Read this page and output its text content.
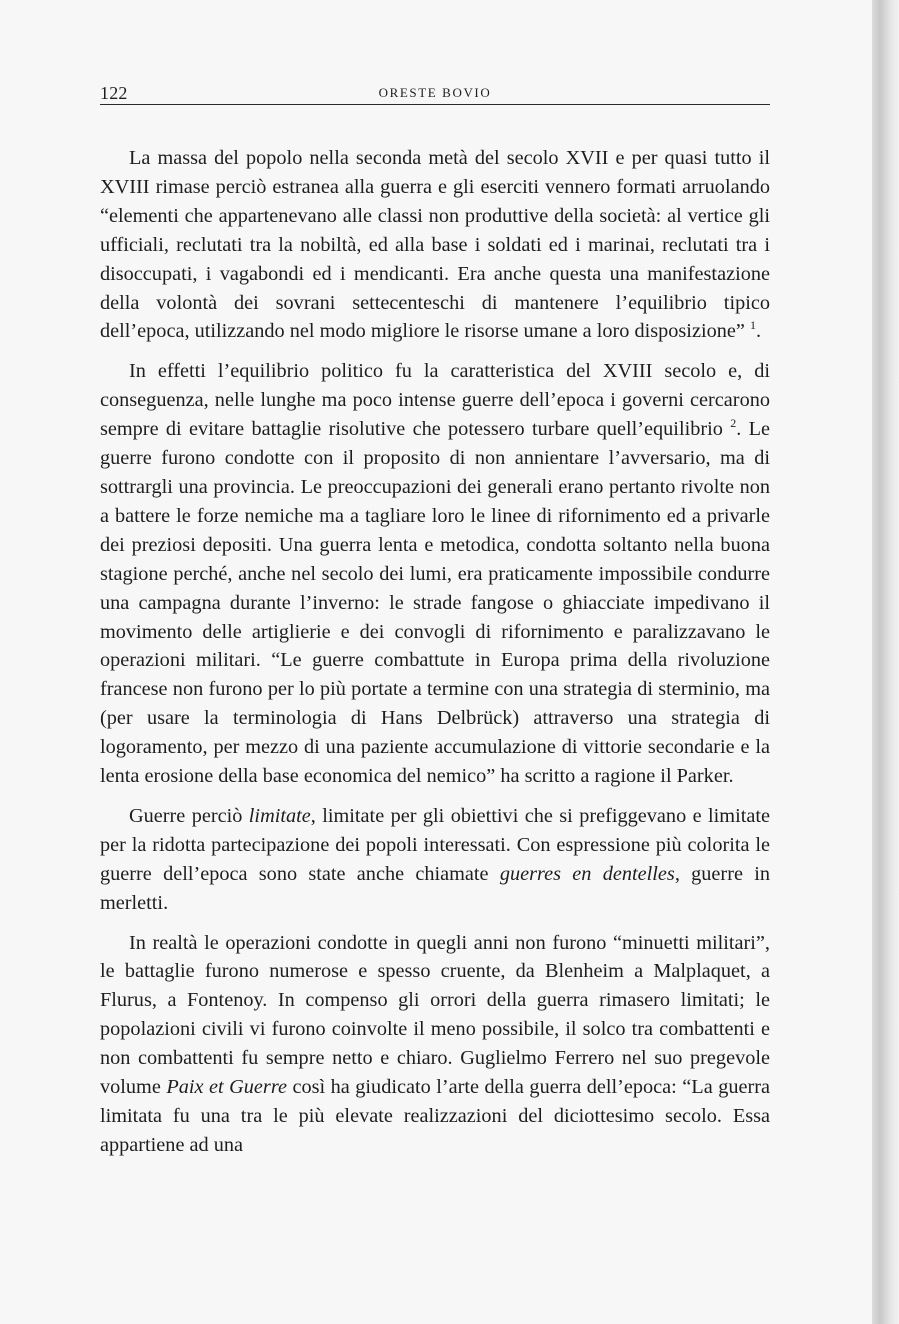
122	ORESTE BOVIO

La massa del popolo nella seconda metà del secolo XVII e per quasi tutto il XVIII rimase perciò estranea alla guerra e gli eserciti vennero formati arruolando “elementi che appartenevano alle classi non produttive della società: al vertice gli ufficiali, reclutati tra la nobiltà, ed alla base i soldati ed i marinai, reclutati tra i disoccupati, i vagabondi ed i mendicanti. Era anche questa una manifestazione della volontà dei sovrani settecenteschi di mantenere l’equilibrio tipico dell’epoca, utilizzando nel modo migliore le risorse umane a loro disposizione” $^1$.

In effetti l’equilibrio politico fu la caratteristica del XVIII secolo e, di conseguenza, nelle lunghe ma poco intense guerre dell’epoca i governi cercarono sempre di evitare battaglie risolutive che potessero turbare quell’equilibrio $^2$. Le guerre furono condotte con il proposito di non annientare l’avversario, ma di sottrargli una provincia. Le preoccupazioni dei generali erano pertanto rivolte non a battere le forze nemiche ma a tagliare loro le linee di rifornimento ed a privarle dei preziosi depositi. Una guerra lenta e metodica, condotta soltanto nella buona stagione perché, anche nel secolo dei lumi, era praticamente impossibile condurre una campagna durante l’inverno: le strade fangose o ghiacciate impedivano il movimento delle artiglierie e dei convogli di rifornimento e paralizzavano le operazioni militari. “Le guerre combattute in Europa prima della rivoluzione francese non furono per lo più portate a termine con una strategia di sterminio, ma (per usare la terminologia di Hans Delbrück) attraverso una strategia di logoramento, per mezzo di una paziente accumulazione di vittorie secondarie e la lenta erosione della base economica del nemico” ha scritto a ragione il Parker.

Guerre perciò limitate, limitate per gli obiettivi che si prefiggevano e limitate per la ridotta partecipazione dei popoli interessati. Con espressione più colorita le guerre dell’epoca sono state anche chiamate guerres en dentelles, guerre in merletti.

In realtà le operazioni condotte in quegli anni non furono “minuetti militari”, le battaglie furono numerose e spesso cruente, da Blenheim a Malplaquet, a Flurus, a Fontenoy. In compenso gli orrori della guerra rimasero limitati; le popolazioni civili vi furono coinvolte il meno possibile, il solco tra combattenti e non combattenti fu sempre netto e chiaro. Guglielmo Ferrero nel suo pregevole volume Paix et Guerre così ha giudicato l’arte della guerra dell’epoca: “La guerra limitata fu una tra le più elevate realizzazioni del diciottesimo secolo. Essa appartiene ad una
